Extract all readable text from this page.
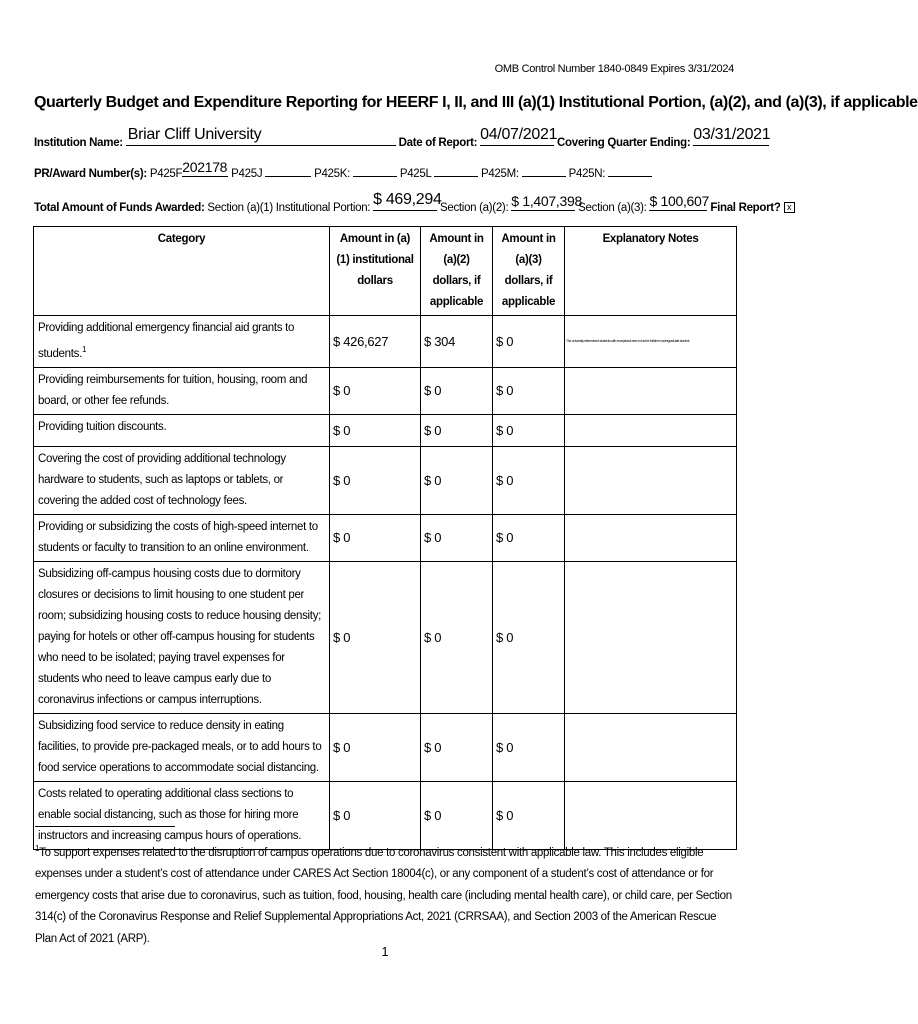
OMB Control Number 1840-0849 Expires 3/31/2024
Quarterly Budget and Expenditure Reporting for HEERF I, II, and III (a)(1) Institutional Portion, (a)(2), and (a)(3), if applicable
Institution Name: Briar Cliff University	Date of Report: 04/07/2021 Covering Quarter Ending: 03/31/2021
PR/Award Number(s): P425F 202178 P425J	P425K:	P425L	P425M:	P425N:
Total Amount of Funds Awarded: Section (a)(1) Institutional Portion: $ 469,294
Section (a)(2): $ 1,407,398
Section (a)(3): $ 100,607 Final Report? x
Category	Amount in (a)(1) institutional dollars	Amount in (a)(2) dollars, if applicable	Amount in (a)(3) dollars, if applicable	Explanatory Notes
Providing additional emergency financial aid grants to students.$^1$	$ 426,627	$ 304	$ 0	The university determined students with exceptional need must be full-time undergraduate student
Providing reimbursements for tuition, housing, room and board, or other fee refunds.	$ 0	$ 0	$ 0	
Providing tuition discounts.	$ 0	$ 0	$ 0	
Covering the cost of providing additional technology hardware to students, such as laptops or tablets, or covering the added cost of technology fees.	$ 0	$ 0	$ 0	
Providing or subsidizing the costs of high-speed internet to students or faculty to transition to an online environment.	$ 0	$ 0	$ 0	
Subsidizing off-campus housing costs due to dormitory closures or decisions to limit housing to one student per room; subsidizing housing costs to reduce housing density; paying for hotels or other off-campus housing for students who need to be isolated; paying travel expenses for students who need to leave campus early due to coronavirus infections or campus interruptions.	$ 0	$ 0	$ 0	
Subsidizing food service to reduce density in eating facilities, to provide pre-packaged meals, or to add hours to food service operations to accommodate social distancing.	$ 0	$ 0	$ 0	
Costs related to operating additional class sections to enable social distancing, such as those for hiring more instructors and increasing campus hours of operations.	$ 0	$ 0	$ 0	
$^1$To support expenses related to the disruption of campus operations due to coronavirus consistent with applicable law. This includes eligible expenses under a student’s cost of attendance under CARES Act Section 18004(c), or any component of a student’s cost of attendance or for emergency costs that arise due to coronavirus, such as tuition, food, housing, health care (including mental health care), or child care, per Section 314(c) of the Coronavirus Response and Relief Supplemental Appropriations Act, 2021 (CRRSAA), and Section 2003 of the American Rescue Plan Act of 2021 (ARP).
1
